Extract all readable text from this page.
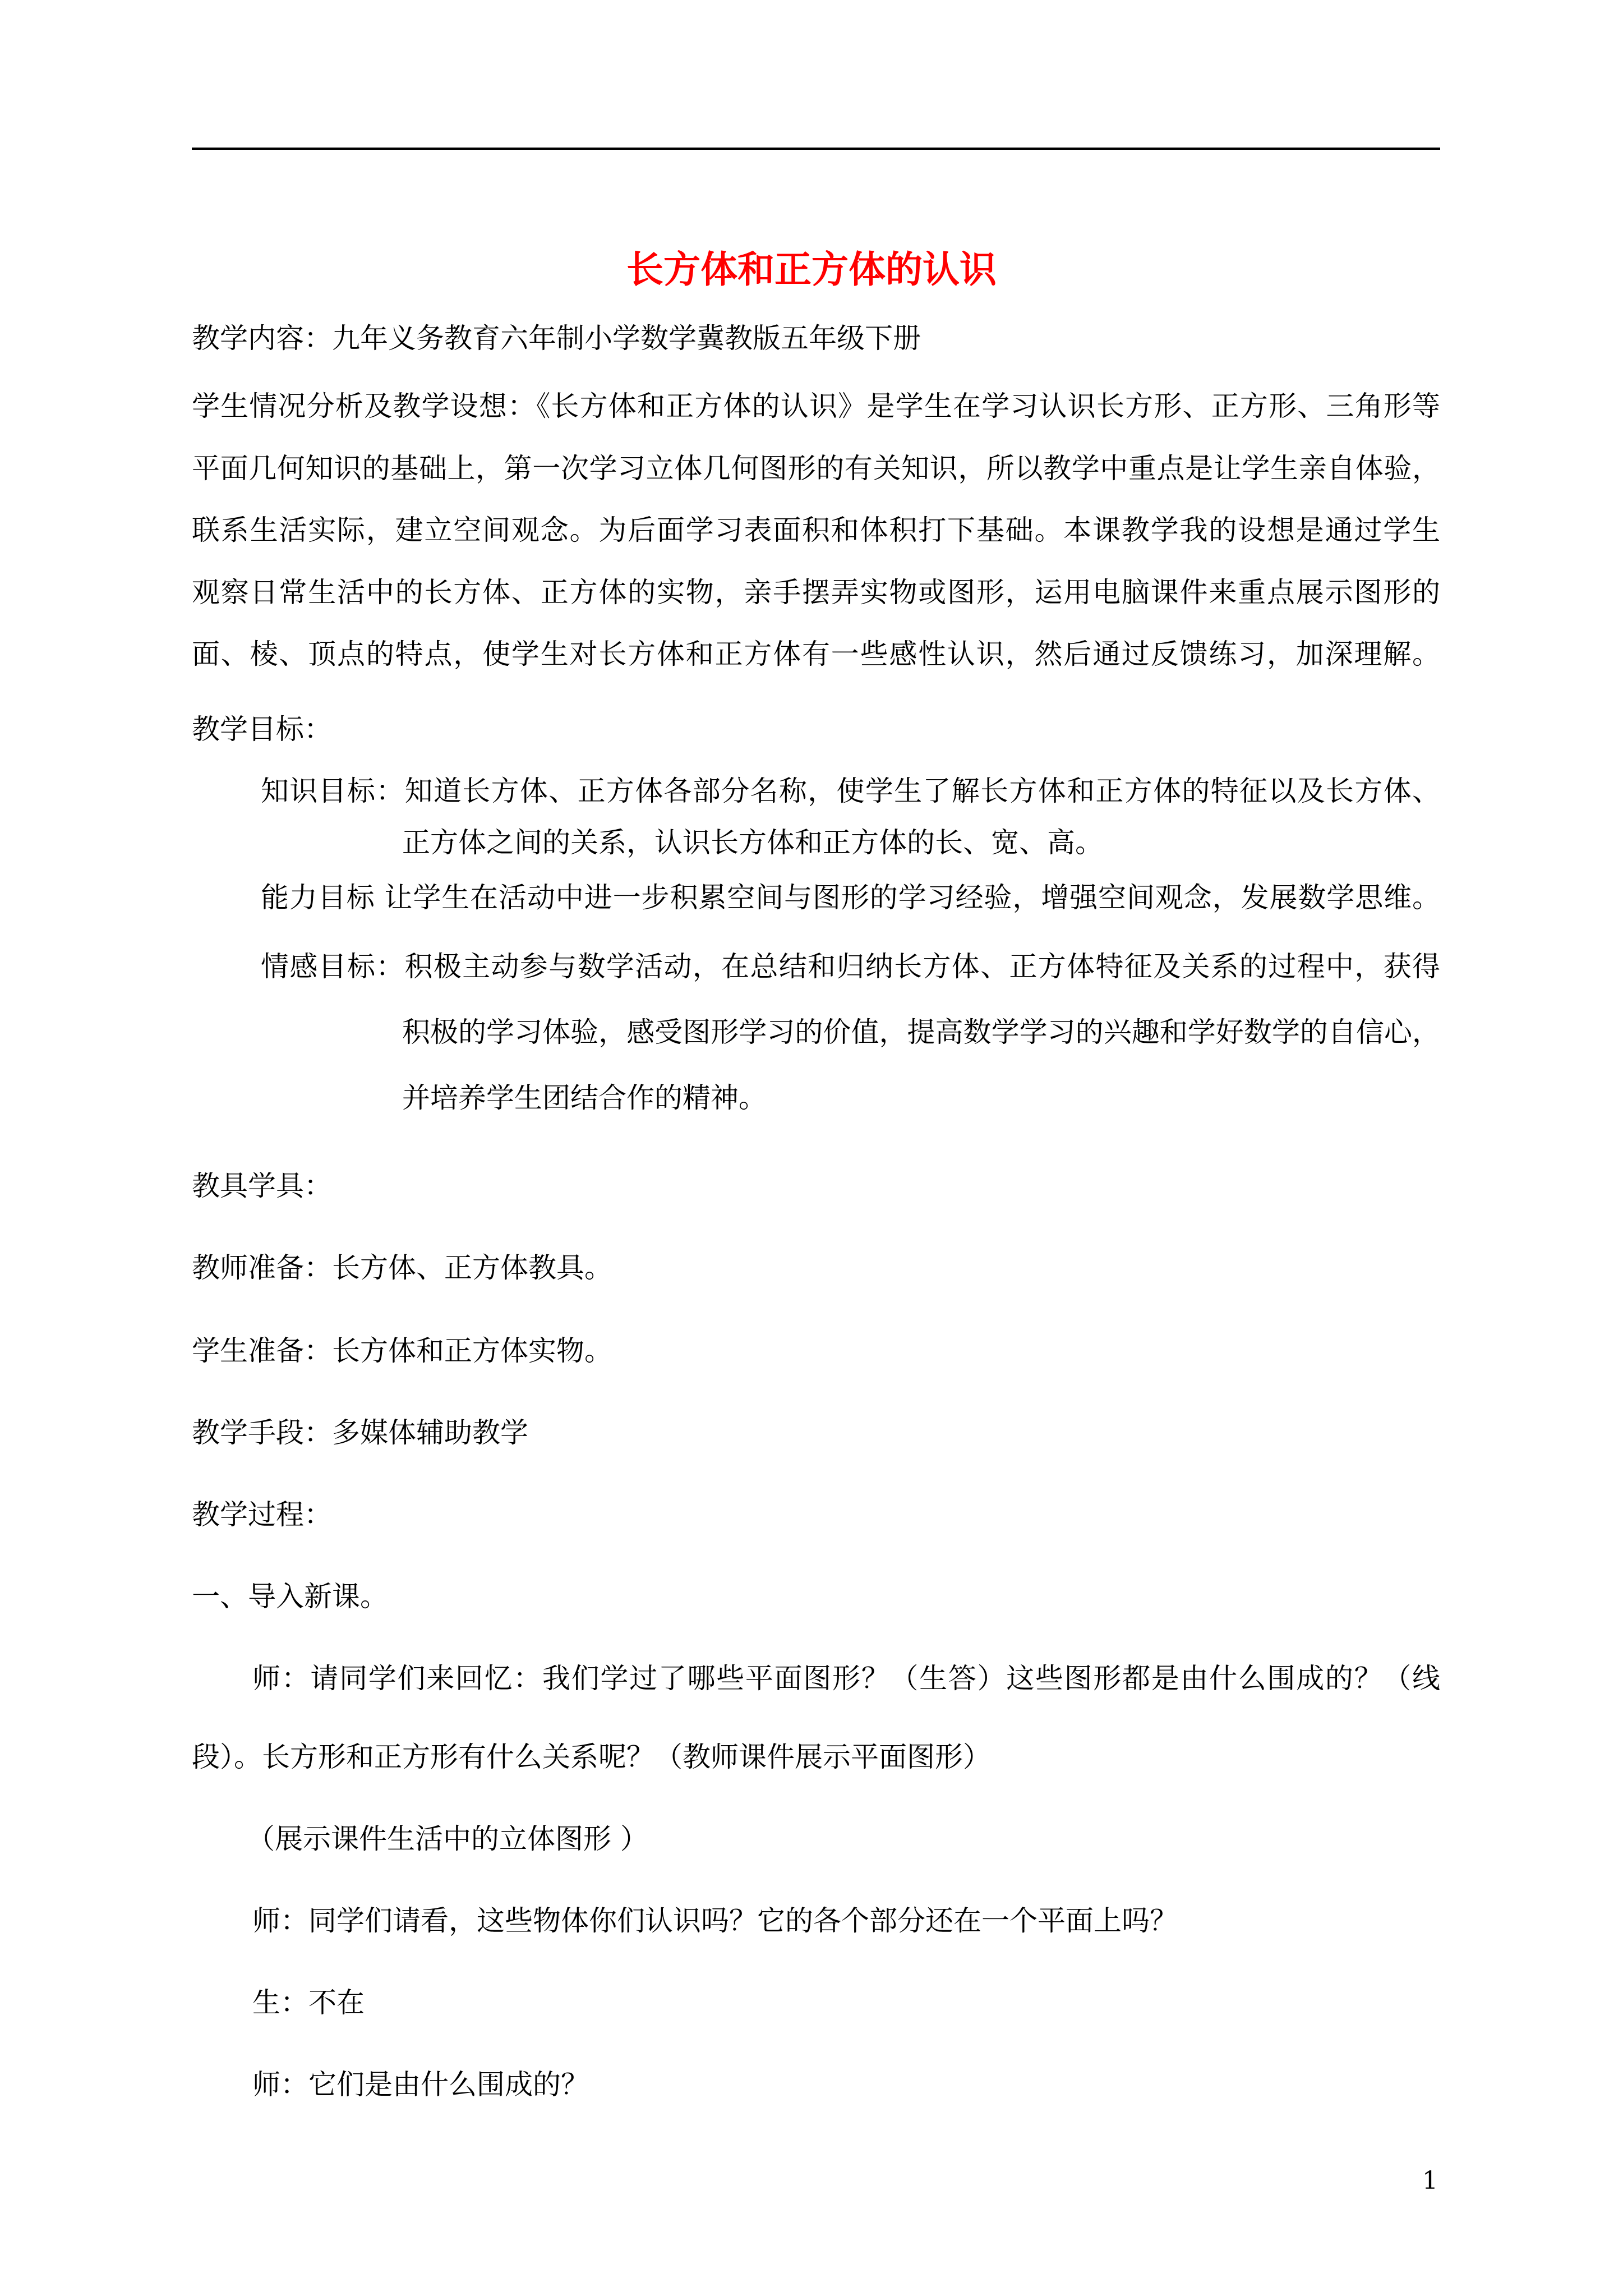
长方体和正方体的认识
教学内容：九年义务教育六年制小学数学冀教版五年级下册
学生情况分析及教学设想：《长方体和正方体的认识》是学生在学习认识长方形、正方形、三角形等
平面几何知识的基础上，第一次学习立体几何图形的有关知识，所以教学中重点是让学生亲自体验，
联系生活实际，建立空间观念。为后面学习表面积和体积打下基础。本课教学我的设想是通过学生
观察日常生活中的长方体、正方体的实物，亲手摆弄实物或图形，运用电脑课件来重点展示图形的
面、棱、顶点的特点，使学生对长方体和正方体有一些感性认识，然后通过反馈练习，加深理解。
教学目标：
知识目标：知道长方体、正方体各部分名称，使学生了解长方体和正方体的特征以及长方体、
正方体之间的关系，认识长方体和正方体的长、宽、高。
能力目标 让学生在活动中进一步积累空间与图形的学习经验，增强空间观念，发展数学思维。
情感目标：积极主动参与数学活动，在总结和归纳长方体、正方体特征及关系的过程中，获得
积极的学习体验，感受图形学习的价值，提高数学学习的兴趣和学好数学的自信心，
并培养学生团结合作的精神。
教具学具：
教师准备：长方体、正方体教具。
学生准备：长方体和正方体实物。
教学手段：多媒体辅助教学
教学过程：
一、导入新课。
师：请同学们来回忆：我们学过了哪些平面图形？（生答）这些图形都是由什么围成的？（线
段）。长方形和正方形有什么关系呢？（教师课件展示平面图形）
（展示课件生活中的立体图形 ）
师：同学们请看，这些物体你们认识吗？它的各个部分还在一个平面上吗？
生：不在
师：它们是由什么围成的？
1
